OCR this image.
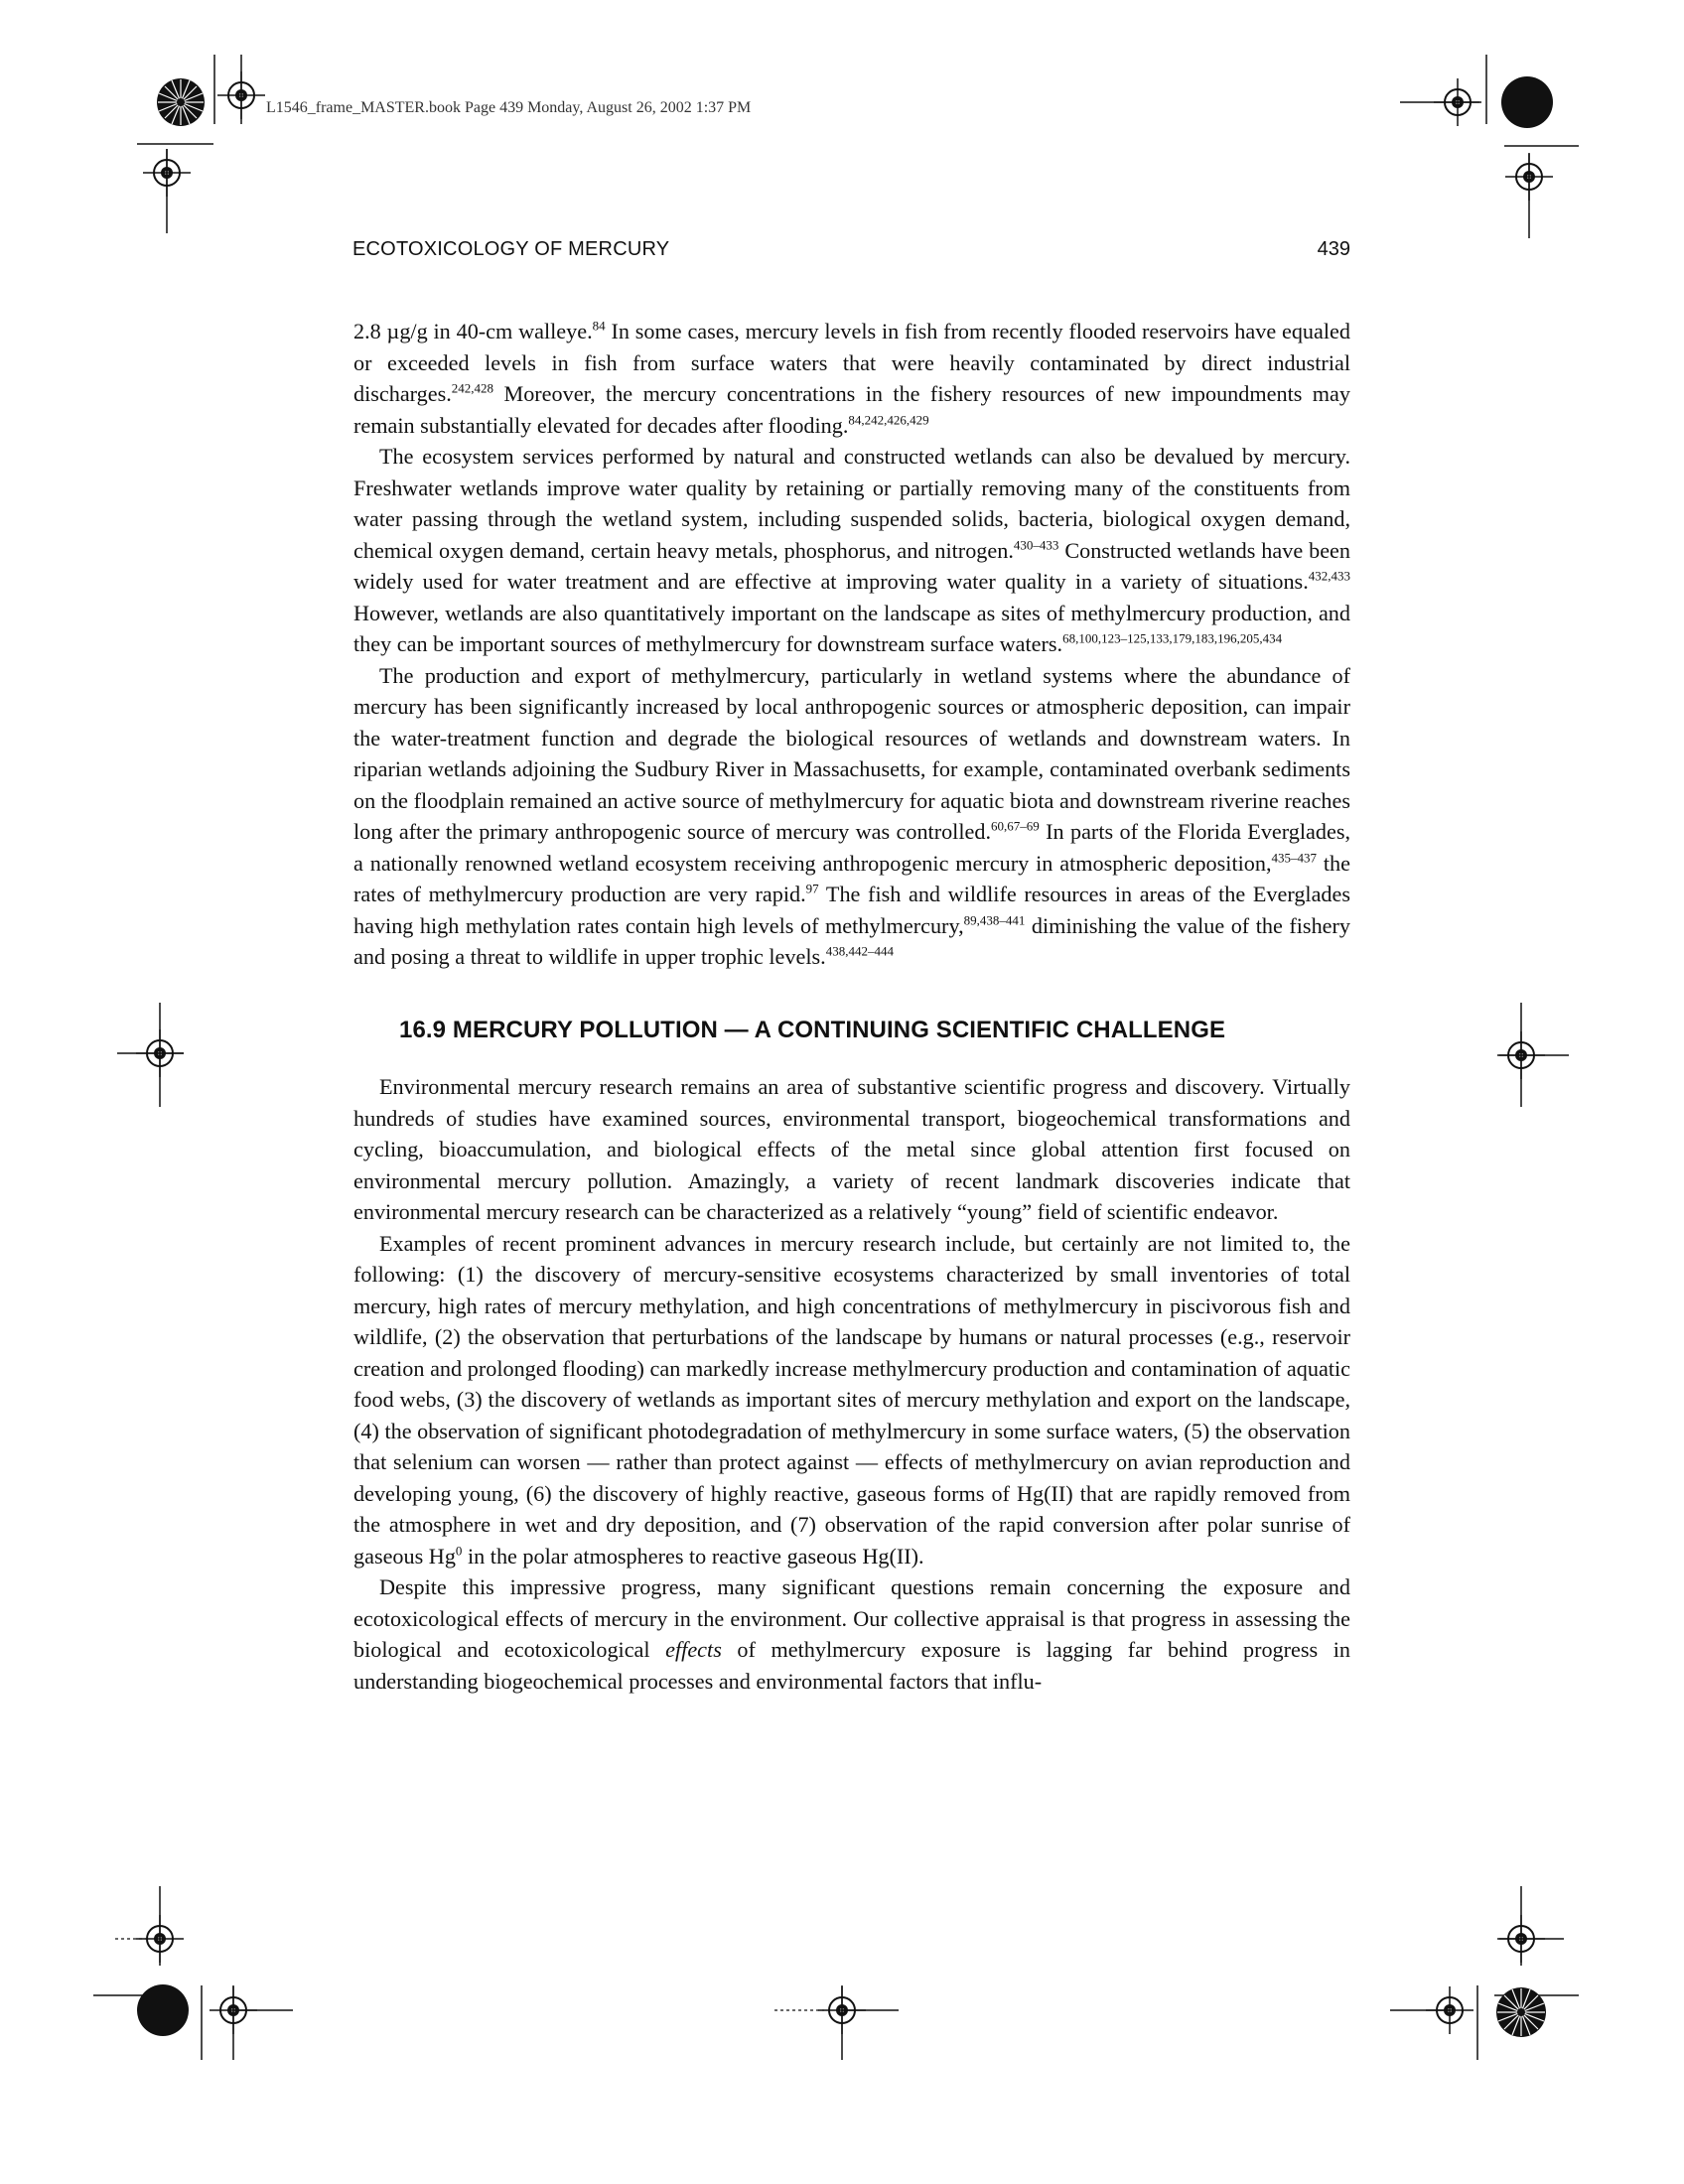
L1546_frame_MASTER.book Page 439 Monday, August 26, 2002 1:37 PM
ECOTOXICOLOGY OF MERCURY	439

2.8 µg/g in 40-cm walleye.$^{84}$ In some cases, mercury levels in fish from recently flooded reservoirs have equaled or exceeded levels in fish from surface waters that were heavily contaminated by direct industrial discharges.$^{242,428}$ Moreover, the mercury concentrations in the fishery resources of new impoundments may remain substantially elevated for decades after flooding.$^{84,242,426,429}$

The ecosystem services performed by natural and constructed wetlands can also be devalued by mercury. Freshwater wetlands improve water quality by retaining or partially removing many of the constituents from water passing through the wetland system, including suspended solids, bacteria, biological oxygen demand, chemical oxygen demand, certain heavy metals, phosphorus, and nitrogen.$^{430-433}$ Constructed wetlands have been widely used for water treatment and are effective at improving water quality in a variety of situations.$^{432,433}$ However, wetlands are also quantitatively important on the landscape as sites of methylmercury production, and they can be important sources of methylmercury for downstream surface waters.$^{68,100,123-125,133,179,183,196,205,434}$

The production and export of methylmercury, particularly in wetland systems where the abundance of mercury has been significantly increased by local anthropogenic sources or atmospheric deposition, can impair the water-treatment function and degrade the biological resources of wetlands and downstream waters. In riparian wetlands adjoining the Sudbury River in Massachusetts, for example, contaminated overbank sediments on the floodplain remained an active source of methylmercury for aquatic biota and downstream riverine reaches long after the primary anthropogenic source of mercury was controlled.$^{60,67-69}$ In parts of the Florida Everglades, a nationally renowned wetland ecosystem receiving anthropogenic mercury in atmospheric deposition,$^{435-437}$ the rates of methylmercury production are very rapid.$^{97}$ The fish and wildlife resources in areas of the Everglades having high methylation rates contain high levels of methylmercury,$^{89,438-441}$ diminishing the value of the fishery and posing a threat to wildlife in upper trophic levels.$^{438,442-444}$

16.9 MERCURY POLLUTION — A CONTINUING SCIENTIFIC CHALLENGE

Environmental mercury research remains an area of substantive scientific progress and discovery. Virtually hundreds of studies have examined sources, environmental transport, biogeochemical transformations and cycling, bioaccumulation, and biological effects of the metal since global attention first focused on environmental mercury pollution. Amazingly, a variety of recent landmark discoveries indicate that environmental mercury research can be characterized as a relatively “young” field of scientific endeavor.

Examples of recent prominent advances in mercury research include, but certainly are not limited to, the following: (1) the discovery of mercury-sensitive ecosystems characterized by small inventories of total mercury, high rates of mercury methylation, and high concentrations of methylmercury in piscivorous fish and wildlife, (2) the observation that perturbations of the landscape by humans or natural processes (e.g., reservoir creation and prolonged flooding) can markedly increase methylmercury production and contamination of aquatic food webs, (3) the discovery of wetlands as important sites of mercury methylation and export on the landscape, (4) the observation of significant photodegradation of methylmercury in some surface waters, (5) the observation that selenium can worsen — rather than protect against — effects of methylmercury on avian reproduction and developing young, (6) the discovery of highly reactive, gaseous forms of Hg(II) that are rapidly removed from the atmosphere in wet and dry deposition, and (7) observation of the rapid conversion after polar sunrise of gaseous Hg$^0$ in the polar atmospheres to reactive gaseous Hg(II).

Despite this impressive progress, many significant questions remain concerning the exposure and ecotoxicological effects of mercury in the environment. Our collective appraisal is that progress in assessing the biological and ecotoxicological effects of methylmercury exposure is lagging far behind progress in understanding biogeochemical processes and environmental factors that influ-
